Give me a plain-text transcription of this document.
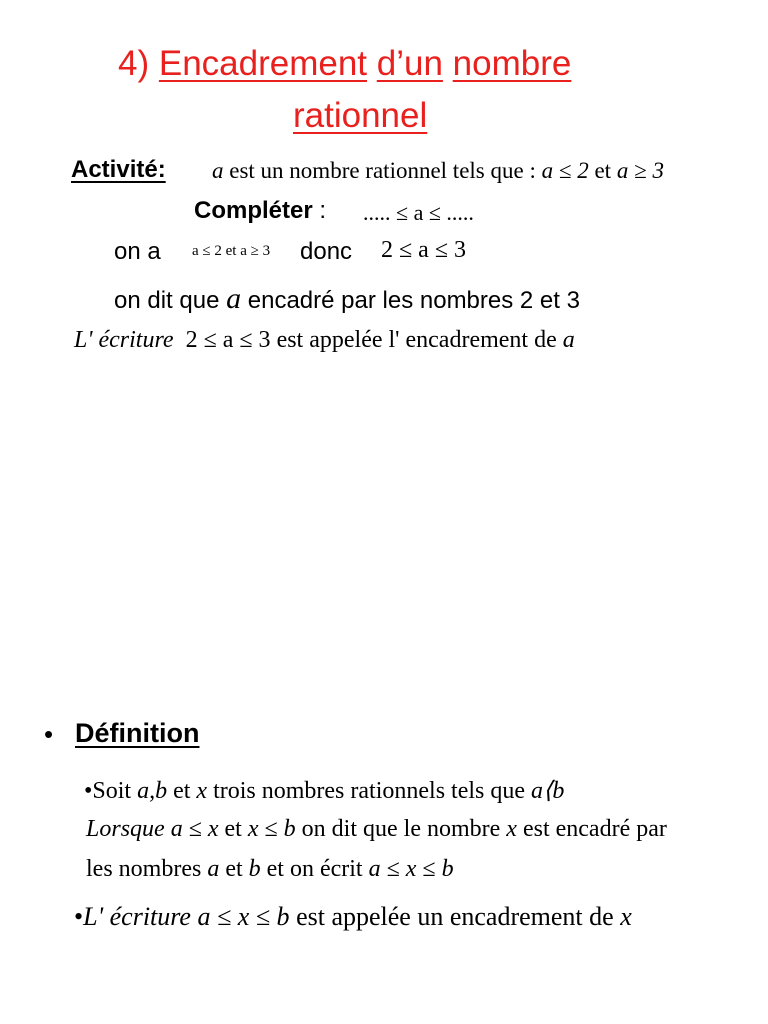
4) Encadrement d’un nombre
rationnel
Activité: a est un nombre rationnel tels que : a ≤ 2 et a ≥ 3
Compléter : ..... ≤ a ≤ .....
on a a ≤ 2 et a ≥ 3 donc 2 ≤ a ≤ 3
on dit que a encadré par les nombres 2 et 3
L' écriture 2 ≤ a ≤ 3 est appelée l' encadrement de a
• Définition
•Soit a,b et x trois nombres rationnels tels que a⟨b
Lorsque a ≤ x et x ≤ b on dit que le nombre x est encadré par
les nombres a et b et on écrit a ≤ x ≤ b
•L' écriture a ≤ x ≤ b est appelée un encadrement de x
